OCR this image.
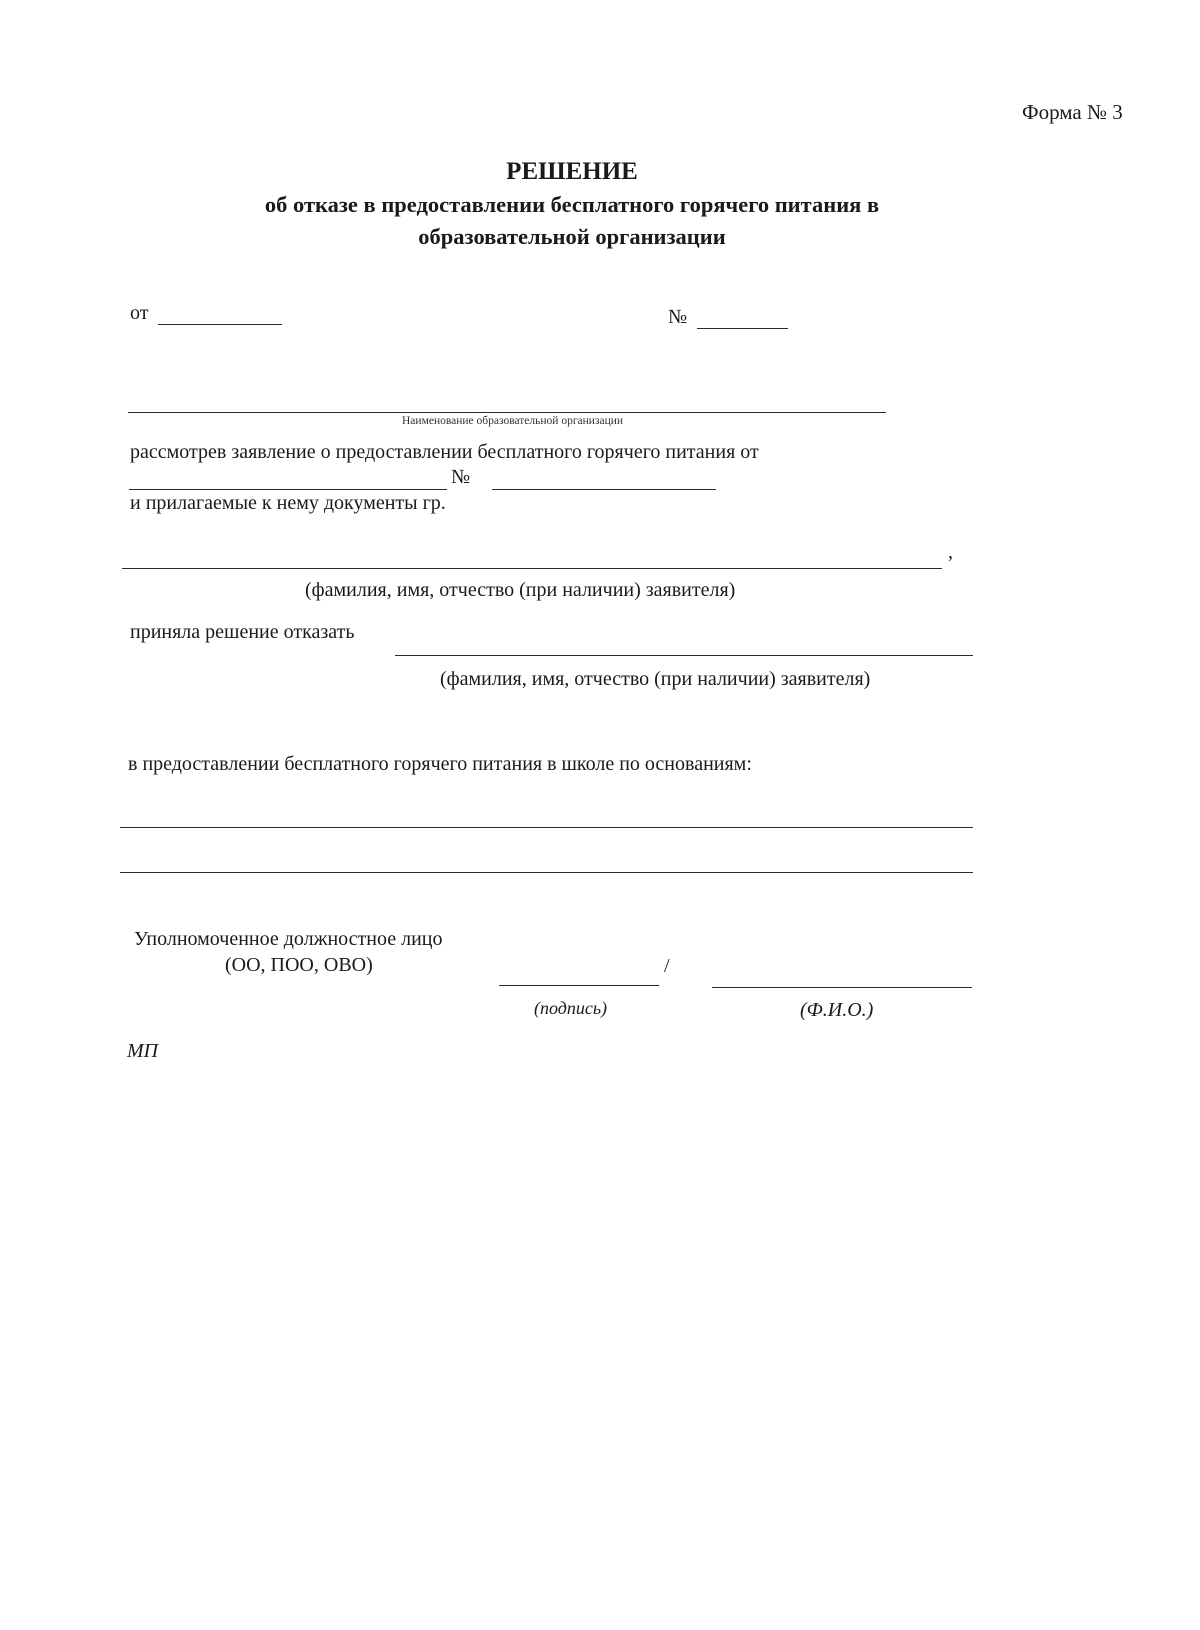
Форма № 3
РЕШЕНИЕ
об отказе в предоставлении бесплатного горячего питания в
образовательной организации
от	№
Наименование образовательной организации
рассмотрев заявление о предоставлении бесплатного горячего питания от
№
и прилагаемые к нему документы гр.
,
(фамилия, имя, отчество (при наличии) заявителя)
приняла решение отказать
(фамилия, имя, отчество (при наличии) заявителя)
в предоставлении бесплатного горячего питания в школе по основаниям:
Уполномоченное должностное лицо
(ОО, ПОО, ОВО)	/
(подпись)	(Ф.И.О.)
МП
